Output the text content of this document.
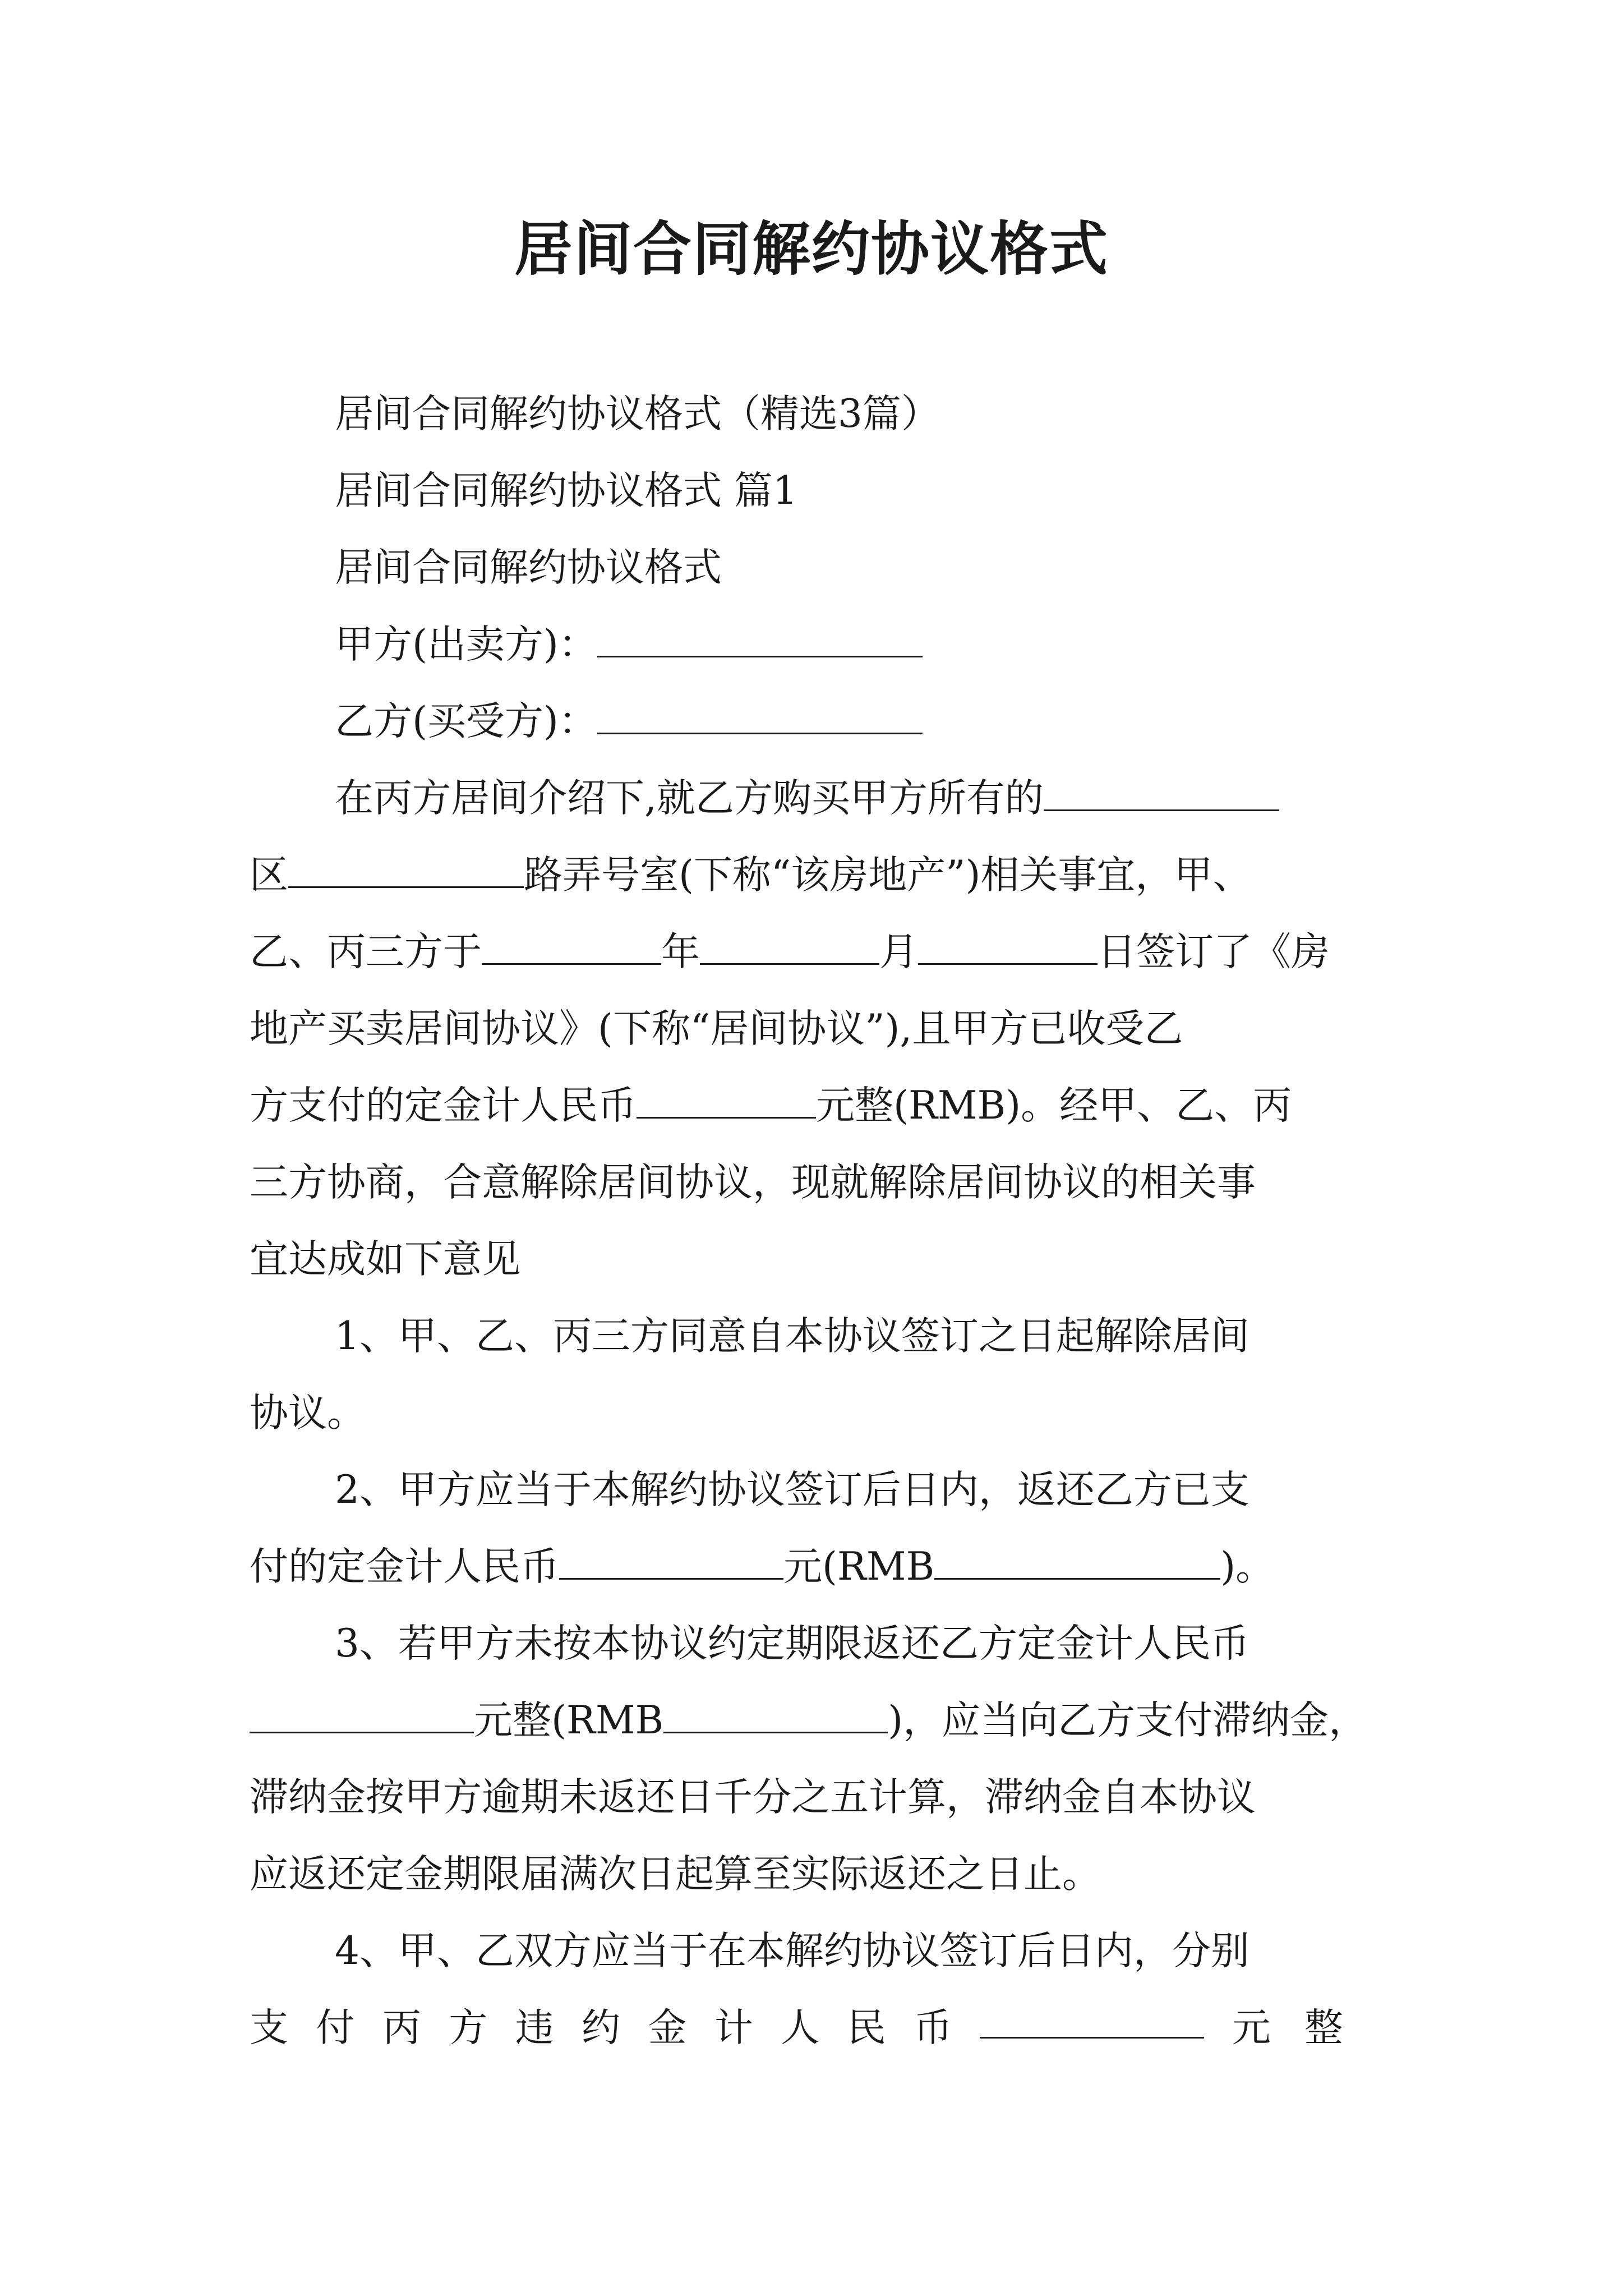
居间合同解约协议格式
居间合同解约协议格式（精选3篇）
居间合同解约协议格式 篇1
居间合同解约协议格式
甲方(出卖方)：
乙方(买受方)：
在丙方居间介绍下,就乙方购买甲方所有的
区	路弄号室(下称“该房地产”)相关事宜，甲、
乙、丙三方于	年	月	日签订了《房
地产买卖居间协议》(下称“居间协议”),且甲方已收受乙
方支付的定金计人民币	元整(RMB)。经甲、乙、丙
三方协商，合意解除居间协议，现就解除居间协议的相关事
宜达成如下意见
1、甲、乙、丙三方同意自本协议签订之日起解除居间
协议。
2、甲方应当于本解约协议签订后日内，返还乙方已支
付的定金计人民币	元(RMB	)。
3、若甲方未按本协议约定期限返还乙方定金计人民币
元整(RMB	)，应当向乙方支付滞纳金，
滞纳金按甲方逾期未返还日千分之五计算，滞纳金自本协议
应返还定金期限届满次日起算至实际返还之日止。
4、甲、乙双方应当于在本解约协议签订后日内，分别
支 付 丙 方 违 约 金 计 人 民 币	元整
